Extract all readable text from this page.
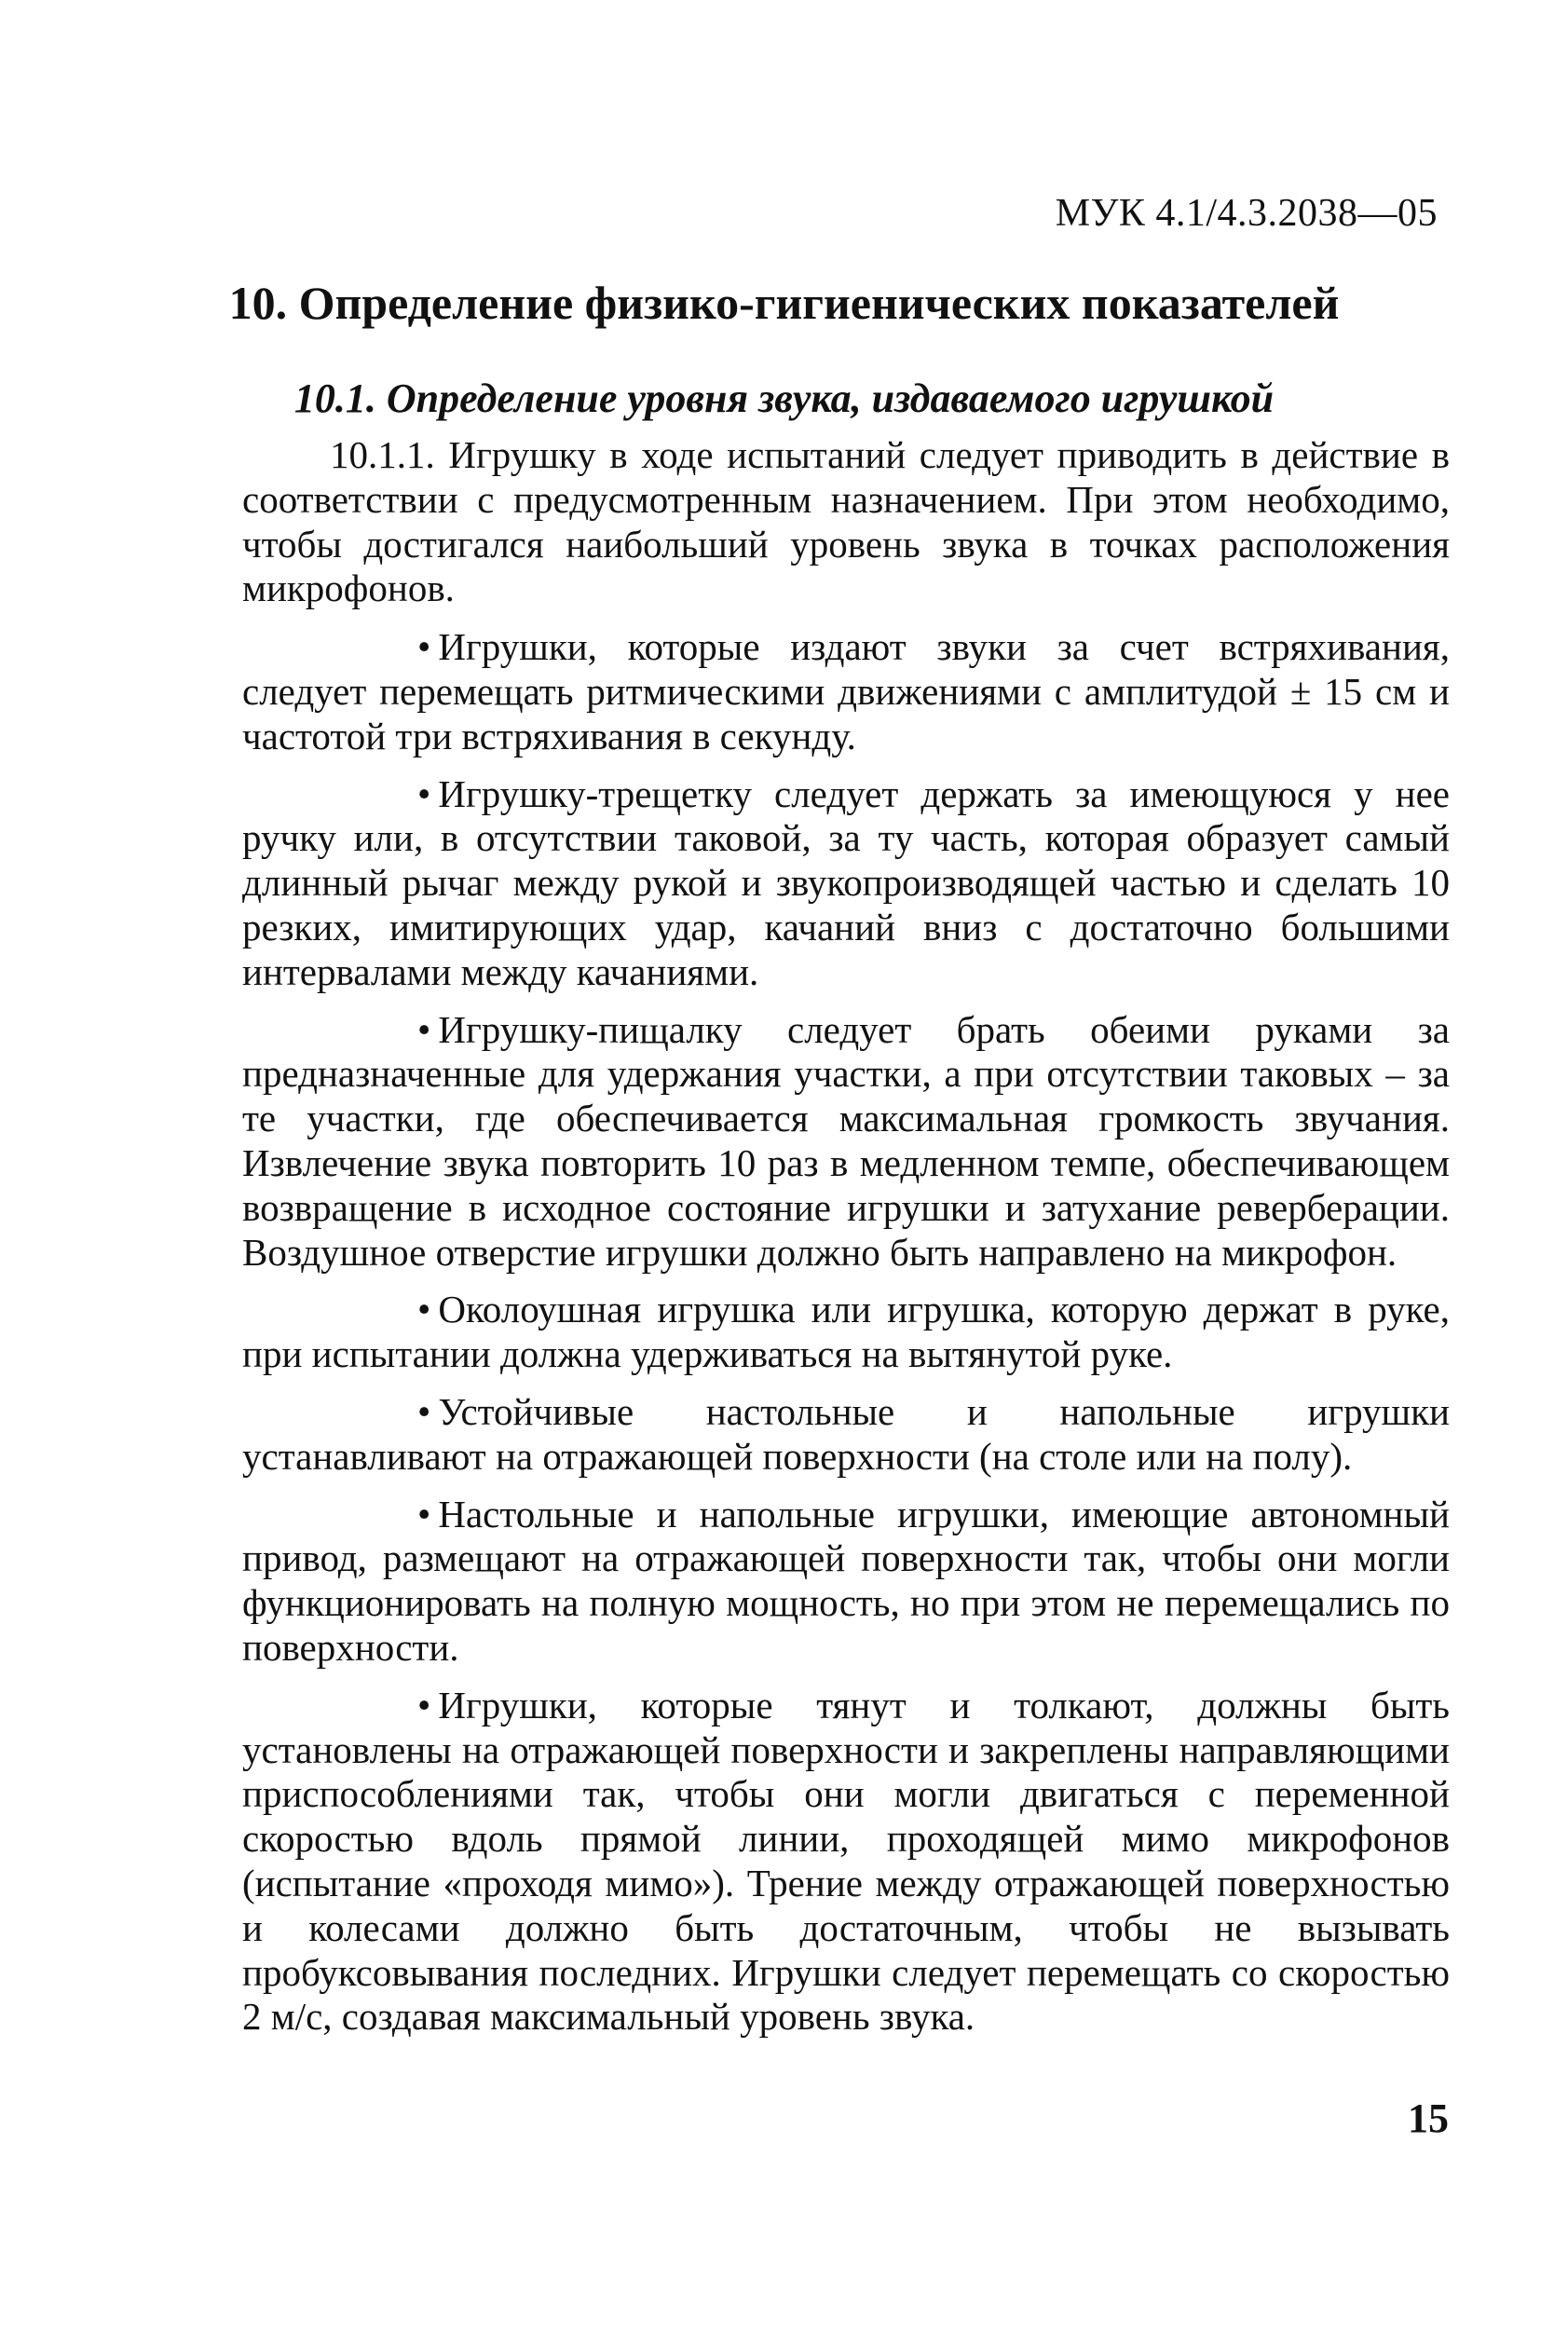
МУК 4.1/4.3.2038—05
10. Определение физико-гигиенических показателей
10.1. Определение уровня звука, издаваемого игрушкой

10.1.1. Игрушку в ходе испытаний следует приводить в действие в соответствии с предусмотренным назначением. При этом необходимо, чтобы достигался наибольший уровень звука в точках расположения микрофонов.

• Игрушки, которые издают звуки за счет встряхивания, следует перемещать ритмическими движениями с амплитудой ± 15 см и частотой три встряхивания в секунду.

• Игрушку-трещетку следует держать за имеющуюся у нее ручку или, в отсутствии таковой, за ту часть, которая образует самый длинный рычаг между рукой и звукопроизводящей частью и сделать 10 резких, имитирующих удар, качаний вниз с достаточно большими интервалами между качаниями.

• Игрушку-пищалку следует брать обеими руками за предназначенные для удержания участки, а при отсутствии таковых – за те участки, где обеспечивается максимальная громкость звучания. Извлечение звука повторить 10 раз в медленном темпе, обеспечивающем возвращение в исходное состояние игрушки и затухание реверберации. Воздушное отверстие игрушки должно быть направлено на микрофон.

• Околоушная игрушка или игрушка, которую держат в руке, при испытании должна удерживаться на вытянутой руке.

• Устойчивые настольные и напольные игрушки устанавливают на отражающей поверхности (на столе или на полу).

• Настольные и напольные игрушки, имеющие автономный привод, размещают на отражающей поверхности так, чтобы они могли функционировать на полную мощность, но при этом не перемещались по поверхности.

• Игрушки, которые тянут и толкают, должны быть установлены на отражающей поверхности и закреплены направляющими приспособлениями так, чтобы они могли двигаться с переменной скоростью вдоль прямой линии, проходящей мимо микрофонов (испытание «проходя мимо»). Трение между отражающей поверхностью и колесами должно быть достаточным, чтобы не вызывать пробуксовывания последних. Игрушки следует перемещать со скоростью 2 м/с, создавая максимальный уровень звука.

15
